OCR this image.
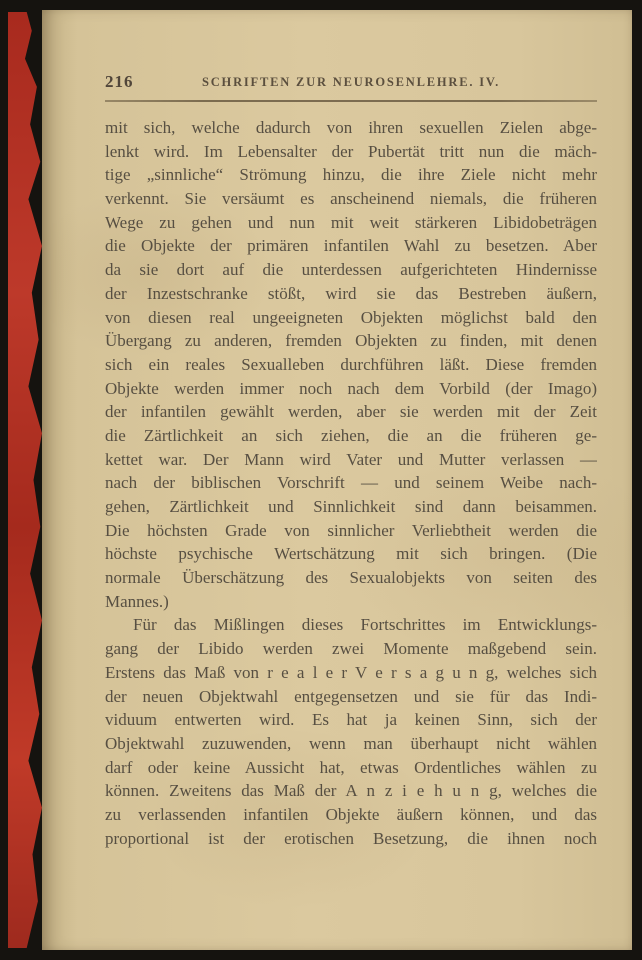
216	SCHRIFTEN ZUR NEUROSENLEHRE. IV.
mit sich, welche dadurch von ihren sexuellen Zielen abge-
lenkt wird. Im Lebensalter der Pubertät tritt nun die mäch-
tige „sinnliche“ Strömung hinzu, die ihre Ziele nicht mehr
verkennt. Sie versäumt es anscheinend niemals, die früheren
Wege zu gehen und nun mit weit stärkeren Libidobeträgen
die Objekte der primären infantilen Wahl zu besetzen. Aber
da sie dort auf die unterdessen aufgerichteten Hindernisse
der Inzestschranke stößt, wird sie das Bestreben äußern,
von diesen real ungeeigneten Objekten möglichst bald den
Übergang zu anderen, fremden Objekten zu finden, mit denen
sich ein reales Sexualleben durchführen läßt. Diese fremden
Objekte werden immer noch nach dem Vorbild (der Imago)
der infantilen gewählt werden, aber sie werden mit der Zeit
die Zärtlichkeit an sich ziehen, die an die früheren ge-
kettet war. Der Mann wird Vater und Mutter verlassen —
nach der biblischen Vorschrift — und seinem Weibe nach-
gehen, Zärtlichkeit und Sinnlichkeit sind dann beisammen.
Die höchsten Grade von sinnlicher Verliebtheit werden die
höchste psychische Wertschätzung mit sich bringen. (Die
normale Überschätzung des Sexualobjekts von seiten des
Mannes.)
Für das Mißlingen dieses Fortschrittes im Entwicklungs-
gang der Libido werden zwei Momente maßgebend sein.
Erstens das Maß von r e a l e r V e r s a g u n g, welches sich
der neuen Objektwahl entgegensetzen und sie für das Indi-
viduum entwerten wird. Es hat ja keinen Sinn, sich der
Objektwahl zuzuwenden, wenn man überhaupt nicht wählen
darf oder keine Aussicht hat, etwas Ordentliches wählen zu
können. Zweitens das Maß der A n z i e h u n g, welches die
zu verlassenden infantilen Objekte äußern können, und das
proportional ist der erotischen Besetzung, die ihnen noch
